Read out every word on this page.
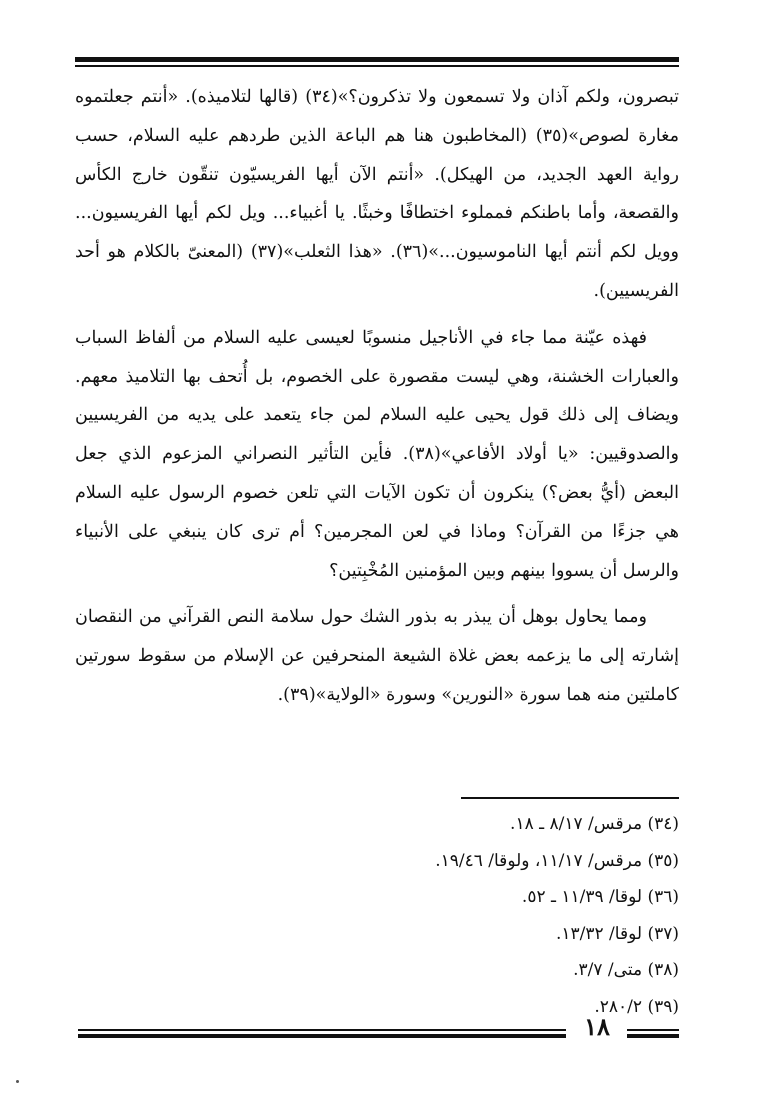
تبصرون، ولكم آذان ولا تسمعون ولا تذكرون؟»(٣٤) (قالها لتلاميذه). «أنتم جعلتموه مغارة لصوص»(٣٥) (المخاطبون هنا هم الباعة الذين طردهم عليه السلام، حسب رواية العهد الجديد، من الهيكل). «أنتم الآن أيها الفريسيّون تنقّون خارج الكأس والقصعة، وأما باطنكم فمملوء اختطافًا وخبثًا. يا أغبياء... ويل لكم أيها الفريسيون... وويل لكم أنتم أيها الناموسيون...»(٣٦). «هذا الثعلب»(٣٧) (المعنىّ بالكلام هو أحد الفريسيين).

فهذه عيّنة مما جاء في الأناجيل منسوبًا لعيسى عليه السلام من ألفاظ السباب والعبارات الخشنة، وهي ليست مقصورة على الخصوم، بل أُتحف بها التلاميذ معهم. ويضاف إلى ذلك قول يحيى عليه السلام لمن جاء يتعمد على يديه من الفريسيين والصدوقيين: «يا أولاد الأفاعي»(٣٨). فأين التأثير النصراني المزعوم الذي جعل البعض (أيُّ بعض؟) ينكرون أن تكون الآيات التي تلعن خصوم الرسول عليه السلام هي جزءًا من القرآن؟ وماذا في لعن المجرمين؟ أم ترى كان ينبغي على الأنبياء والرسل أن يسووا بينهم وبين المؤمنين المُخْبِتين؟

ومما يحاول بوهل أن يبذر به بذور الشك حول سلامة النص القرآني من النقصان إشارته إلى ما يزعمه بعض غلاة الشيعة المنحرفين عن الإسلام من سقوط سورتين كاملتين منه هما سورة «النورين» وسورة «الولاية»(٣٩).

(٣٤) مرقس/ ٨/١٧ ـ ١٨.
(٣٥) مرقس/ ١١/١٧، ولوقا/ ١٩/٤٦.
(٣٦) لوقا/ ١١/٣٩ ـ ٥٢.
(٣٧) لوقا/ ١٣/٣٢.
(٣٨) متى/ ٣/٧.
(٣٩) ٢٨٠/٢.
١٨
